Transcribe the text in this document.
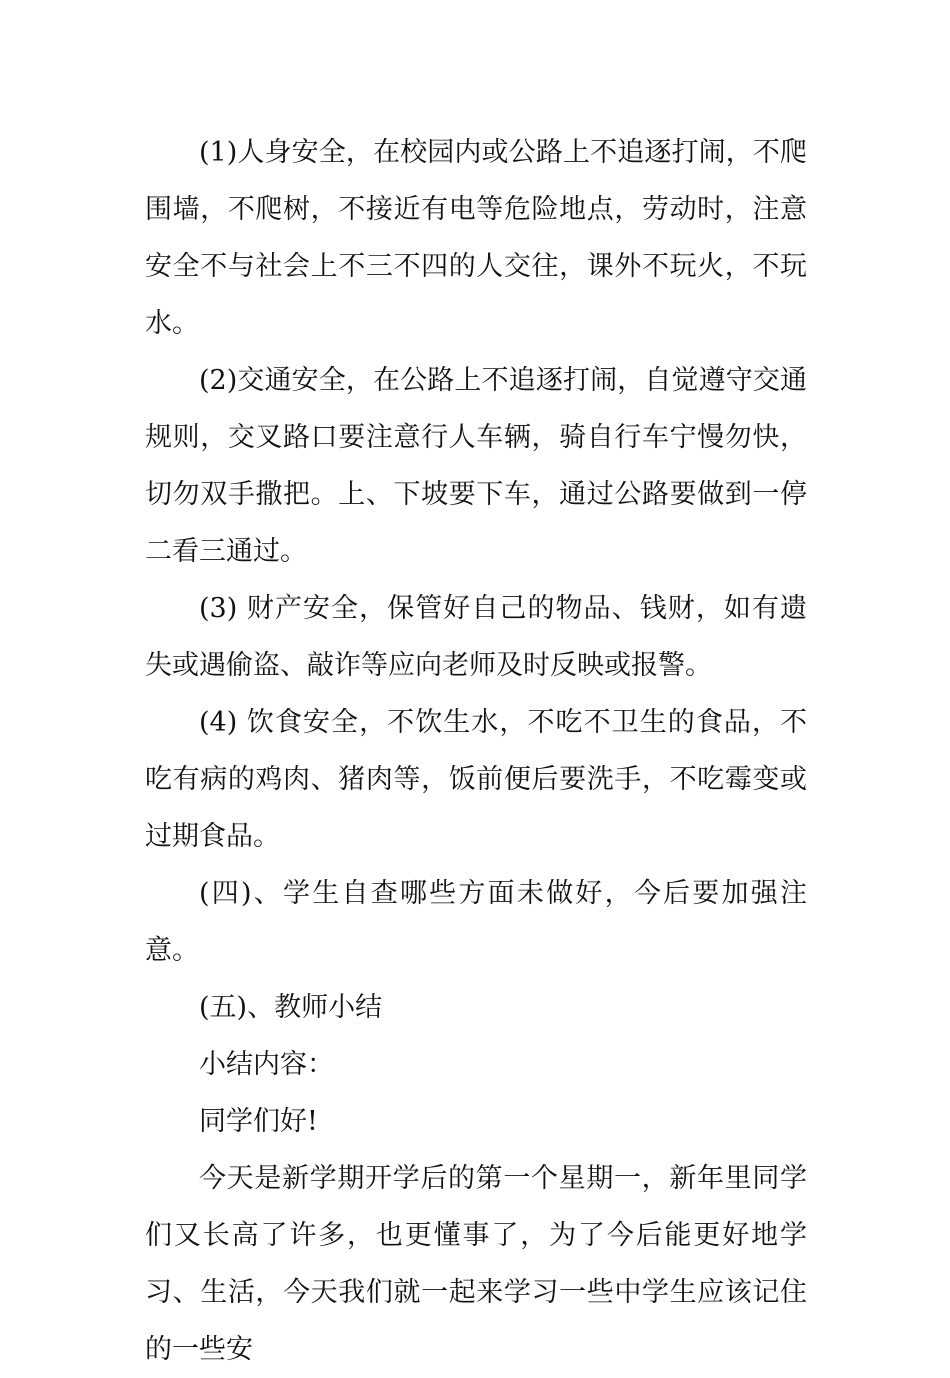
(1)人身安全，在校园内或公路上不追逐打闹，不爬围墙，不爬树，不接近有电等危险地点，劳动时，注意安全不与社会上不三不四的人交往，课外不玩火，不玩水。

(2)交通安全，在公路上不追逐打闹，自觉遵守交通规则，交叉路口要注意行人车辆，骑自行车宁慢勿快，切勿双手撒把。上、下坡要下车，通过公路要做到一停二看三通过。

(3) 财产安全，保管好自己的物品、钱财，如有遗失或遇偷盗、敲诈等应向老师及时反映或报警。

(4) 饮食安全，不饮生水，不吃不卫生的食品，不吃有病的鸡肉、猪肉等，饭前便后要洗手，不吃霉变或过期食品。

(四)、学生自查哪些方面未做好，今后要加强注意。

(五)、教师小结

小结内容：

同学们好!

今天是新学期开学后的第一个星期一，新年里同学们又长高了许多，也更懂事了，为了今后能更好地学习、生活，今天我们就一起来学习一些中学生应该记住的一些安
